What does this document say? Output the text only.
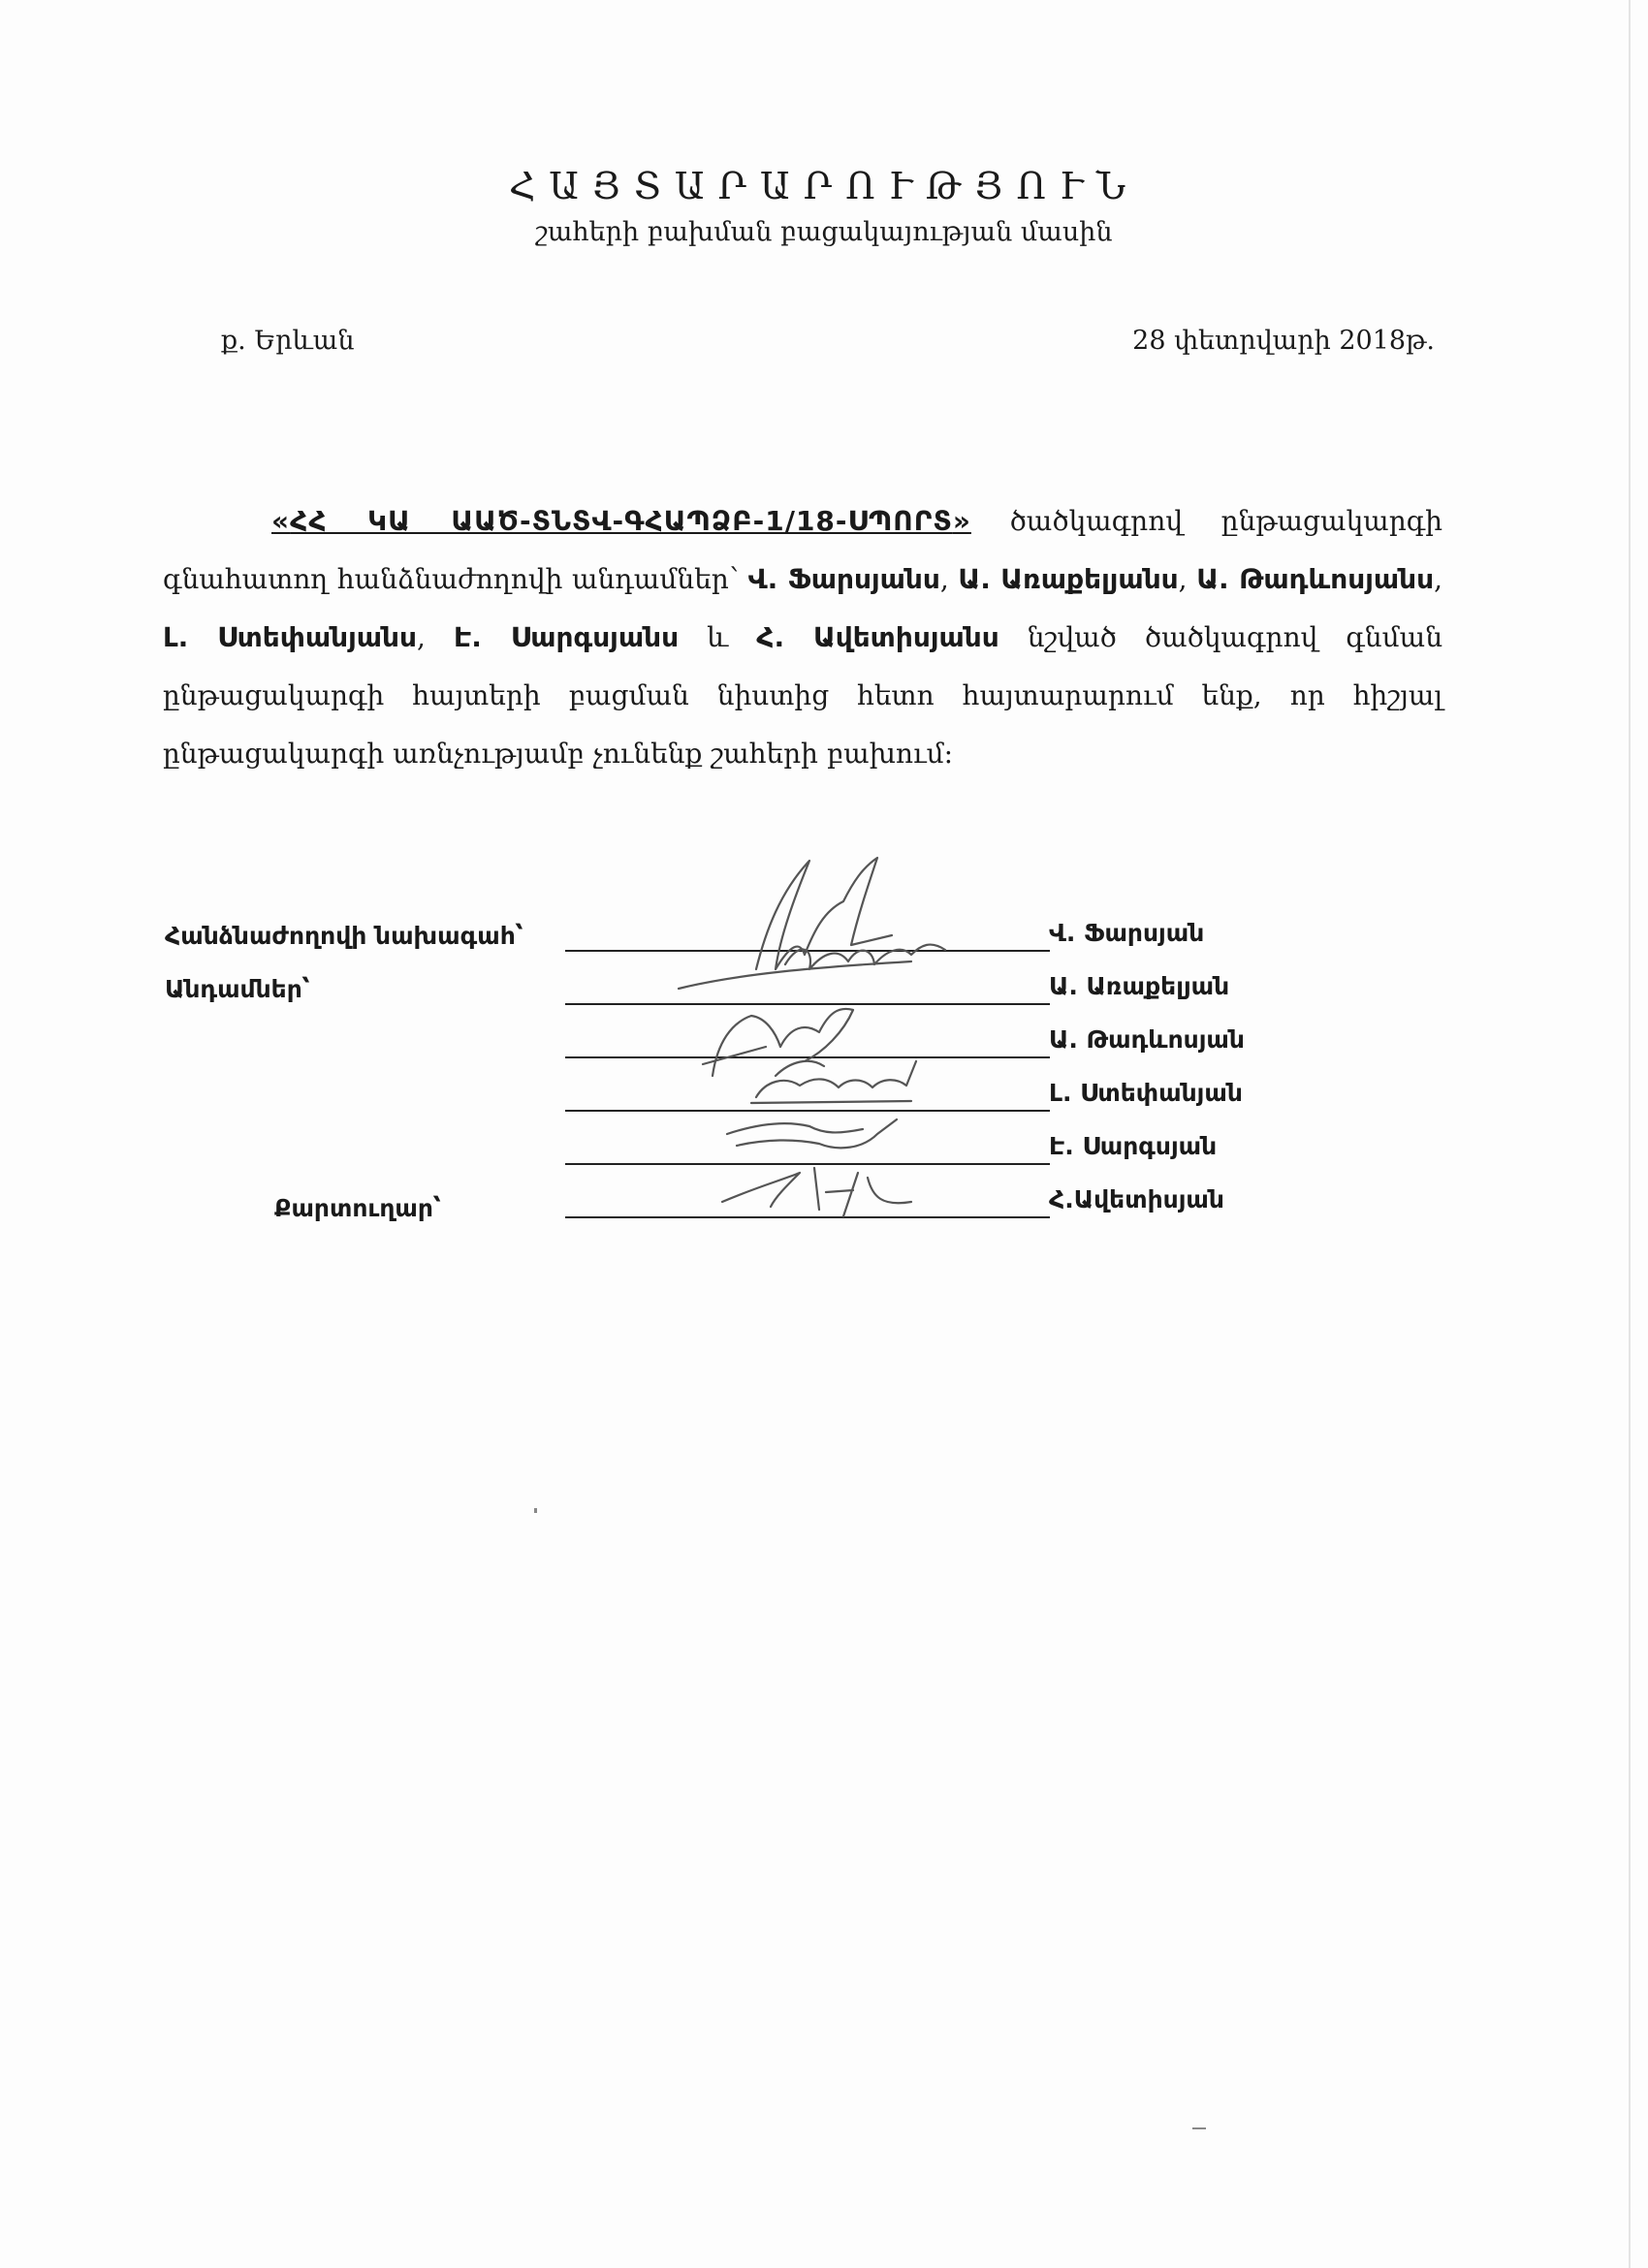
ՀԱՅՏԱՐԱՐՈՒԹՅՈՒՆ
շահերի բախման բացակայության մասին
ք. Երևան	28 փետրվարի 2018թ.

«ՀՀ ԿԱ ԱԱԾ-ՏՆՏՎ-ԳՀԱՊՁԲ-1/18-ՍՊՈՐՏ» ծածկագրով ընթացակարգի գնահատող հանձնաժողովի անդամներ՝ Վ. Ֆարսյանս, Ա. Առաքելյանս, Ա. Թադևոսյանս, Լ. Ստեփանյանս, Է. Սարգսյանս և Հ. Ավետիսյանս նշված ծածկագրով գնման ընթացակարգի հայտերի բացման նիստից հետո հայտարարում ենք, որ հիշյալ ընթացակարգի առնչությամբ չունենք շահերի բախում:

Հանձնաժողովի նախագահ՝
Անդամներ՝
Քարտուղար՝
Վ. Ֆարսյան
Ա. Առաքելյան
Ա. Թադևոսյան
Լ. Ստեփանյան
Է. Սարգսյան
Հ.Ավետիսյան
